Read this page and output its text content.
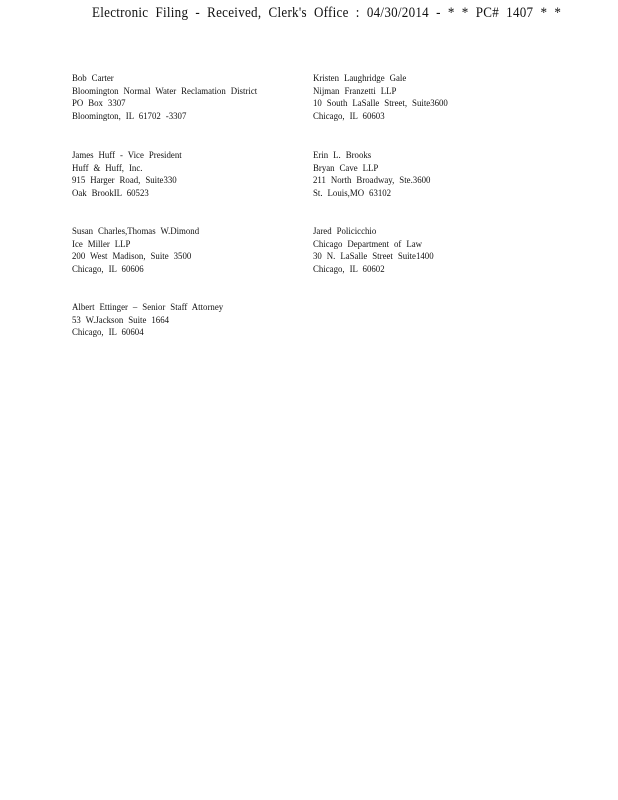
Electronic Filing - Received, Clerk's Office : 04/30/2014 - * * PC# 1407 * *
Bob Carter
Bloomington Normal Water Reclamation District
PO Box 3307
Bloomington, IL 61702 -3307
Kristen Laughridge Gale
Nijman Franzetti LLP
10 South LaSalle Street, Suite3600
Chicago, IL 60603
James Huff - Vice President
Huff & Huff, Inc.
915 Harger Road, Suite330
Oak BrookIL 60523
Erin L. Brooks
Bryan Cave LLP
211 North Broadway, Ste.3600
St. Louis,MO 63102
Susan Charles,Thomas W.Dimond
Ice Miller LLP
200 West Madison, Suite 3500
Chicago, IL 60606
Jared Policicchio
Chicago Department of Law
30 N. LaSalle Street Suite1400
Chicago, IL 60602
Albert Ettinger – Senior Staff Attorney
53 W.Jackson Suite 1664
Chicago, IL 60604
